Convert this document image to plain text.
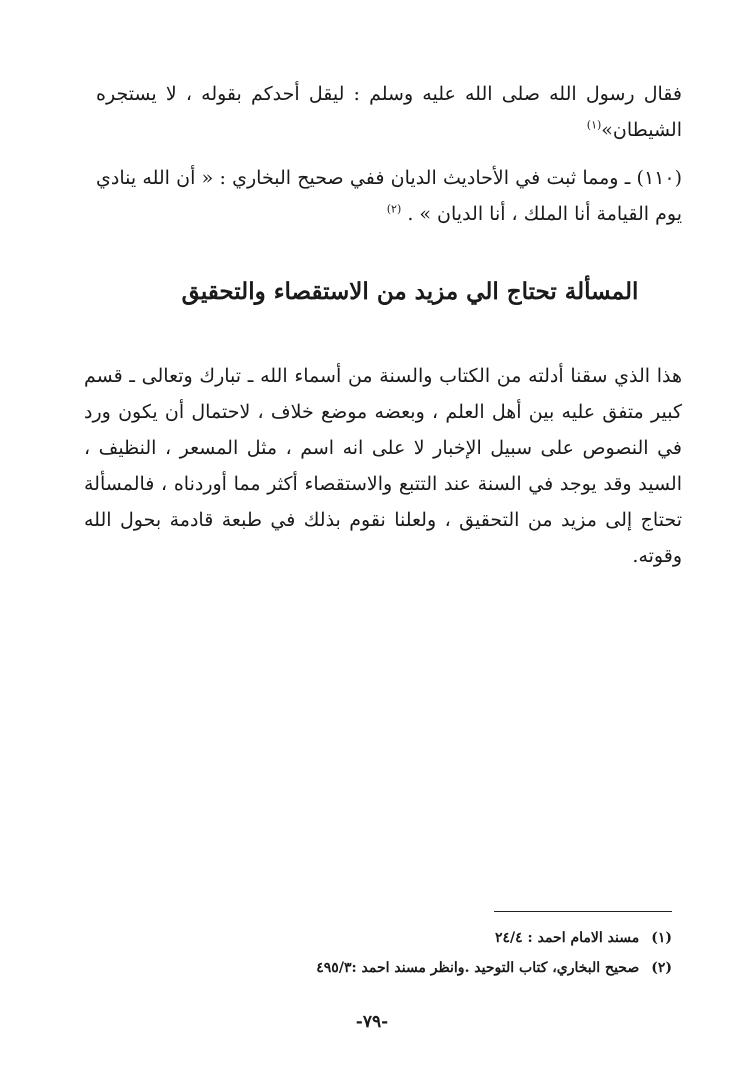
فقال رسول الله صلى الله عليه وسلم : ليقل أحدكم بقوله ، لا يستجره الشيطان»$^{(١)}$

(١١٠) ـ ومما ثبت في الأحاديث الديان ففي صحيح البخاري : « أن الله ينادي يوم القيامة أنا الملك ، أنا الديان » . $^{(٢)}$

المسألة تحتاج الي مزيد من الاستقصاء والتحقيق

هذا الذي سقنا أدلته من الكتاب والسنة من أسماء الله ـ تبارك وتعالى ـ قسم كبير متفق عليه بين أهل العلم ، وبعضه موضع خلاف ، لاحتمال أن يكون ورد في النصوص على سبيل الإخبار لا على انه اسم ، مثل المسعر ، النظيف ، السيد وقد يوجد في السنة عند التتبع والاستقصاء أكثر مما أوردناه ، فالمسألة تحتاج إلى مزيد من التحقيق ، ولعلنا نقوم بذلك في طبعة قادمة بحول الله وقوته.

(١)مسند الامام احمد : ٢٤/٤
(٢)صحيح البخاري، كتاب التوحيد .وانظر مسند احمد :٤٩٥/٣
-٧٩-
